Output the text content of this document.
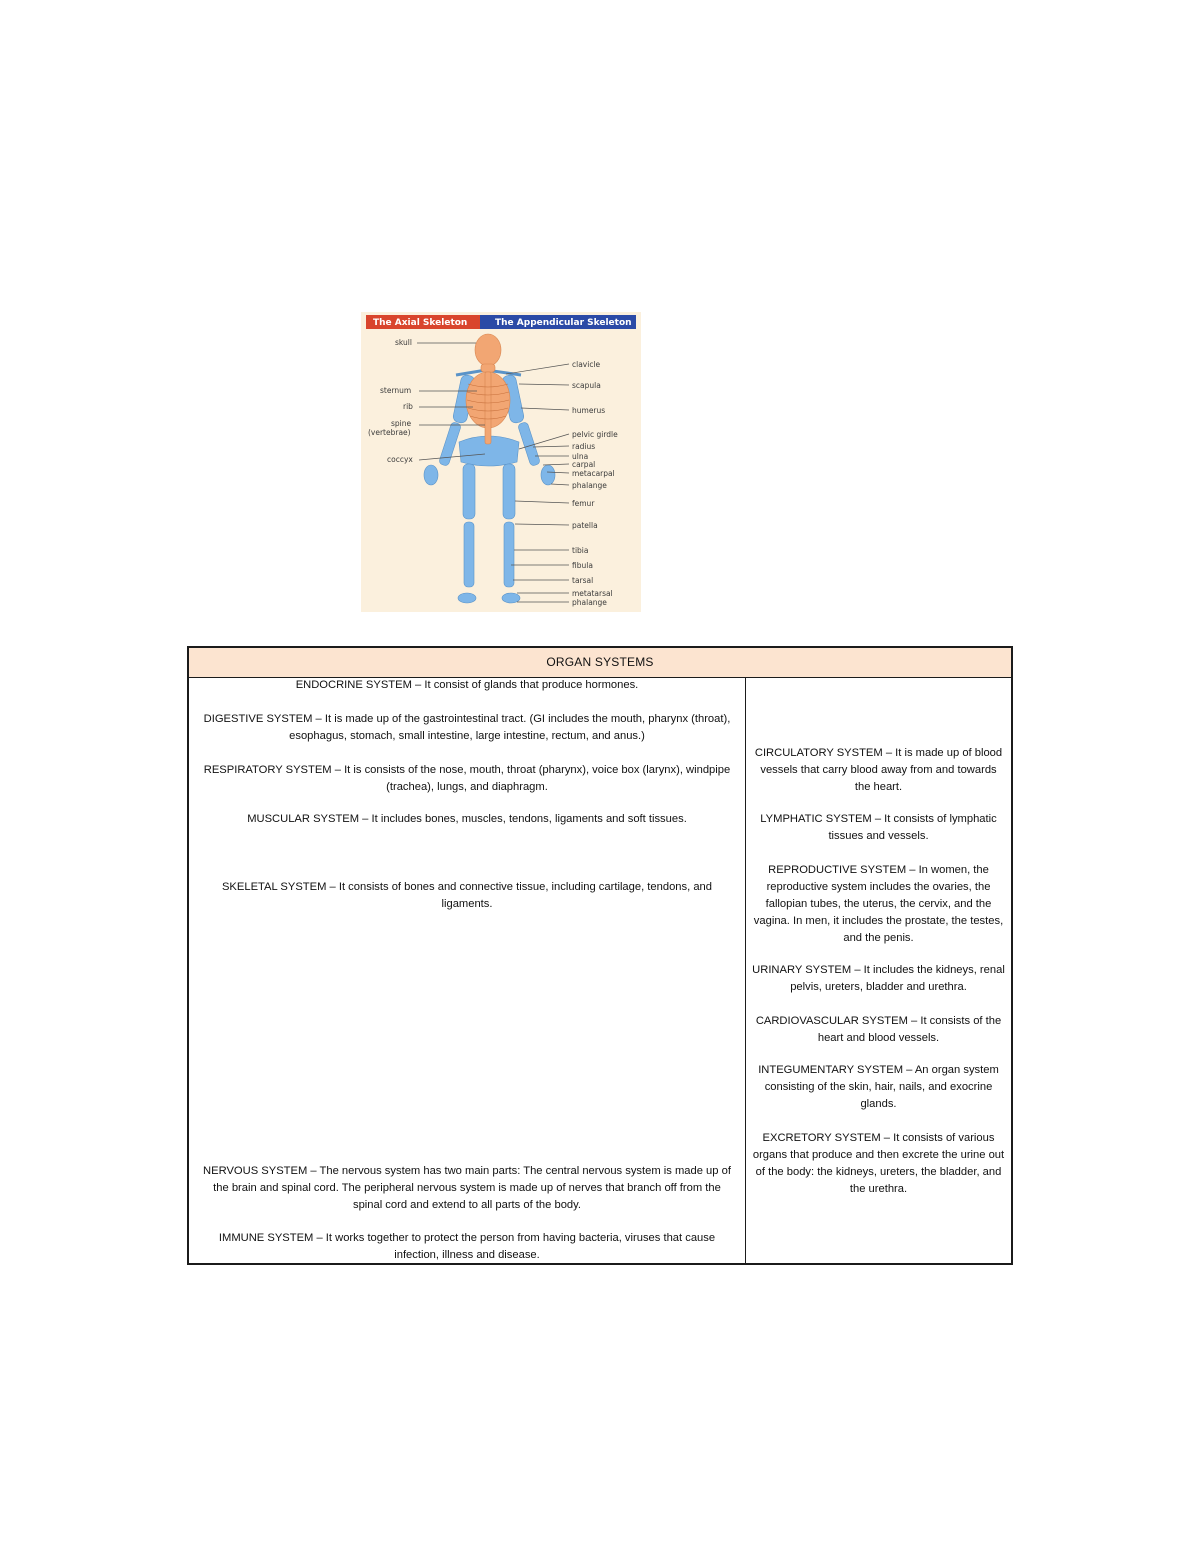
The Axial Skeleton	The Appendicular Skeleton
skull
sternum
rib
spine
(vertebrae)
coccyx
clavicle
scapula
humerus
pelvic girdle
radius
ulna
carpal
metacarpal
phalange
femur
patella
tibia
fibula
tarsal
metatarsal
phalange
ORGAN SYSTEMS
ENDOCRINE SYSTEM – It consist of glands that produce hormones.
DIGESTIVE SYSTEM – It is made up of the gastrointestinal tract. (GI includes the mouth, pharynx (throat), esophagus, stomach, small intestine, large intestine, rectum, and anus.)
RESPIRATORY SYSTEM – It is consists of the nose, mouth, throat (pharynx), voice box (larynx), windpipe (trachea), lungs, and diaphragm.
MUSCULAR SYSTEM – It includes bones, muscles, tendons, ligaments and soft tissues.
SKELETAL SYSTEM – It consists of bones and connective tissue, including cartilage, tendons, and ligaments.
NERVOUS SYSTEM – The nervous system has two main parts: The central nervous system is made up of the brain and spinal cord. The peripheral nervous system is made up of nerves that branch off from the spinal cord and extend to all parts of the body.
IMMUNE SYSTEM – It works together to protect the person from having bacteria, viruses that cause infection, illness and disease.
CIRCULATORY SYSTEM – It is made up of blood vessels that carry blood away from and towards the heart.
LYMPHATIC SYSTEM – It consists of lymphatic tissues and vessels.
REPRODUCTIVE SYSTEM – In women, the reproductive system includes the ovaries, the fallopian tubes, the uterus, the cervix, and the vagina. In men, it includes the prostate, the testes, and the penis.
URINARY SYSTEM – It includes the kidneys, renal pelvis, ureters, bladder and urethra.
CARDIOVASCULAR SYSTEM – It consists of the heart and blood vessels.
INTEGUMENTARY SYSTEM – An organ system consisting of the skin, hair, nails, and exocrine glands.
EXCRETORY SYSTEM – It consists of various organs that produce and then excrete the urine out of the body: the kidneys, ureters, the bladder, and the urethra.
